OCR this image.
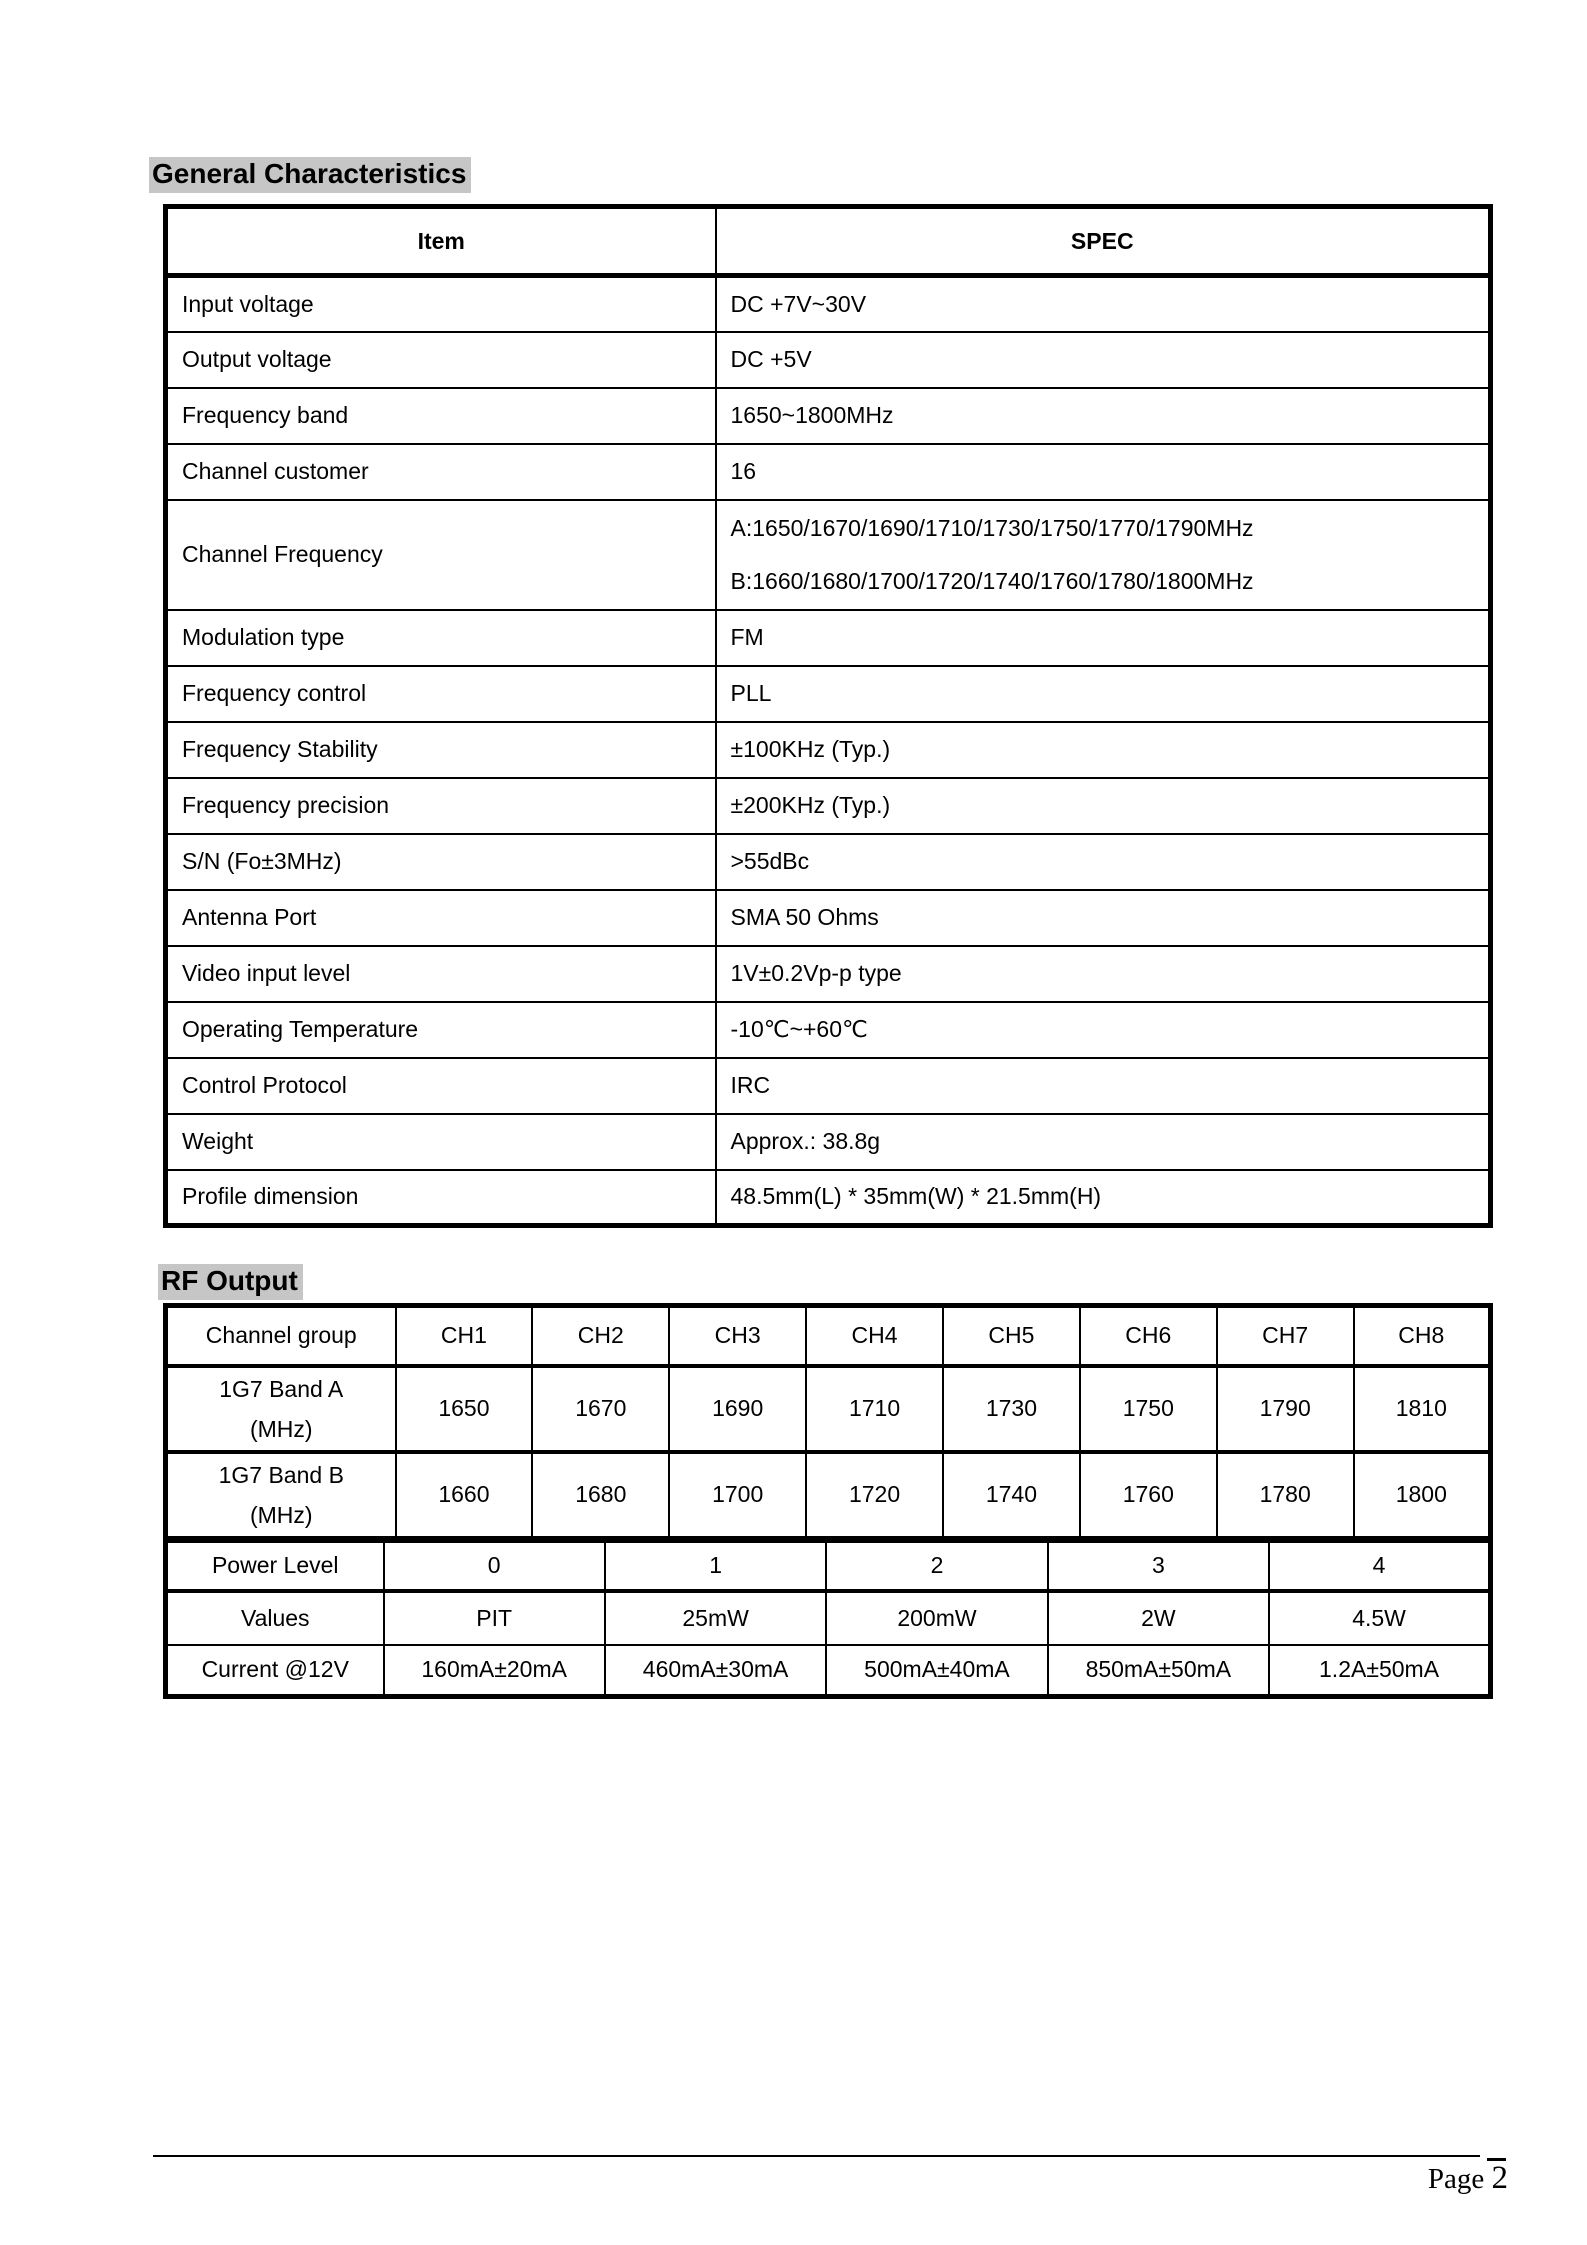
General Characteristics
Item	SPEC
Input voltage	DC +7V~30V
Output voltage	DC +5V
Frequency band	1650~1800MHz
Channel customer	16
Channel Frequency	A:1650/1670/1690/1710/1730/1750/1770/1790MHz
B:1660/1680/1700/1720/1740/1760/1780/1800MHz

Modulation type	FM
Frequency control	PLL
Frequency Stability	±100KHz (Typ.)
Frequency precision	±200KHz (Typ.)
S/N (Fo±3MHz)	>55dBc
Antenna Port	SMA 50 Ohms
Video input level	1V±0.2Vp-p type
Operating Temperature	-10℃~+60℃
Control Protocol	IRC
Weight	Approx.: 38.8g
Profile dimension	48.5mm(L) * 35mm(W) * 21.5mm(H)
RF Output
Channel group	CH1	CH2	CH3	CH4	CH5	CH6	CH7	CH8

1G7 Band A
(MHz)	1650	1670	1690	1710	1730	1750	1790	1810

1G7 Band B
(MHz)	1660	1680	1700	1720	1740	1760	1780	1800
Power Level	0	1	2	3	4
Values	PIT	25mW	200mW	2W	4.5W
Current @12V	160mA±20mA	460mA±30mA	500mA±40mA	850mA±50mA	1.2A±50mA
Page 2
